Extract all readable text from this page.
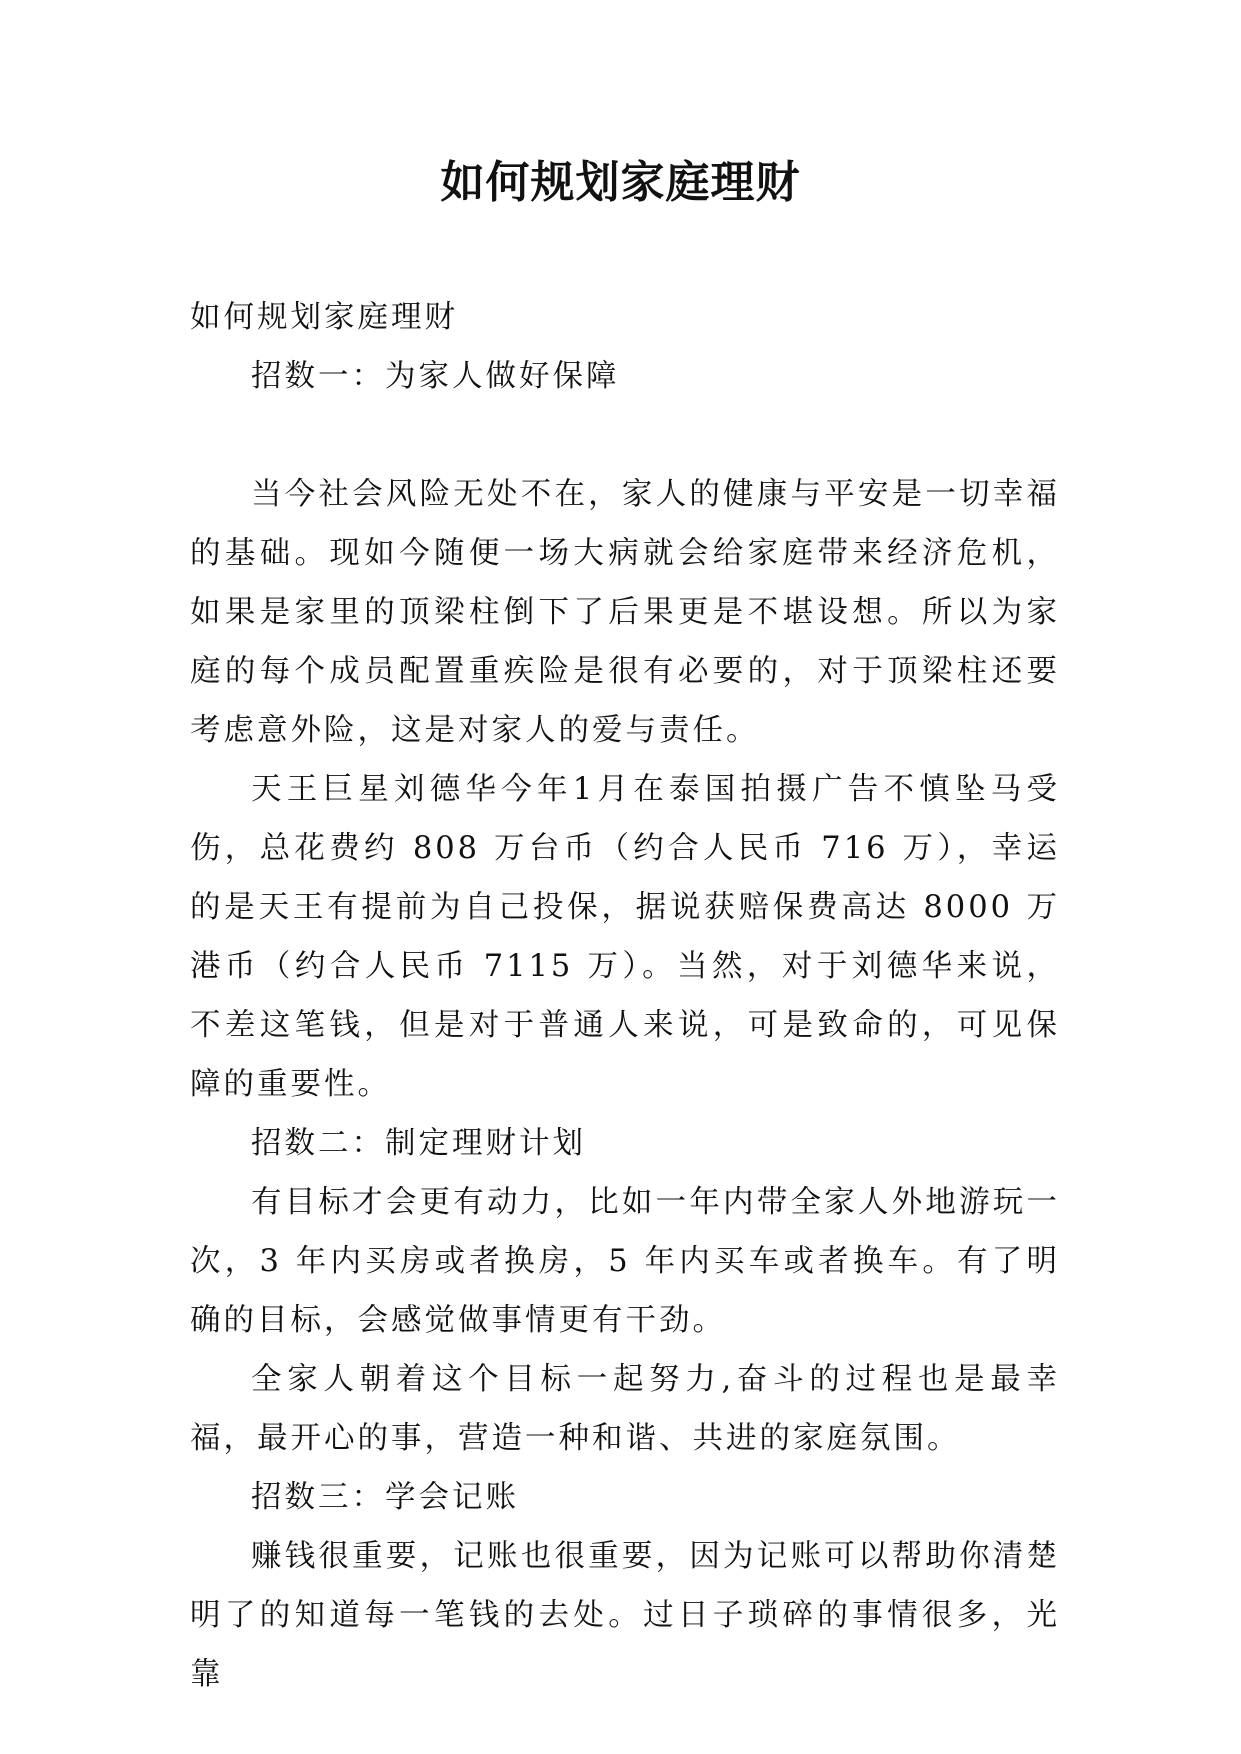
如何规划家庭理财

如何规划家庭理财

招数一：为家人做好保障

当今社会风险无处不在，家人的健康与平安是一切幸福的基础。现如今随便一场大病就会给家庭带来经济危机，如果是家里的顶梁柱倒下了后果更是不堪设想。所以为家庭的每个成员配置重疾险是很有必要的，对于顶梁柱还要考虑意外险，这是对家人的爱与责任。

天王巨星刘德华今年1月在泰国拍摄广告不慎坠马受伤，总花费约 808 万台币（约合人民币 716 万），幸运的是天王有提前为自己投保，据说获赔保费高达 8000 万港币（约合人民币 7115 万）。当然，对于刘德华来说，不差这笔钱，但是对于普通人来说，可是致命的，可见保障的重要性。

招数二：制定理财计划

有目标才会更有动力，比如一年内带全家人外地游玩一次，3 年内买房或者换房，5 年内买车或者换车。有了明确的目标，会感觉做事情更有干劲。

全家人朝着这个目标一起努力,奋斗的过程也是最幸福，最开心的事，营造一种和谐、共进的家庭氛围。

招数三：学会记账

赚钱很重要，记账也很重要，因为记账可以帮助你清楚明了的知道每一笔钱的去处。过日子琐碎的事情很多，光靠
